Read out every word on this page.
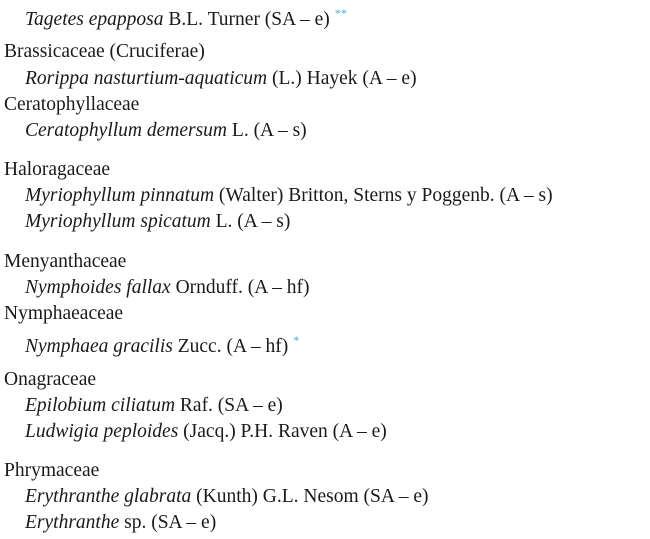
Tagetes epapposa B.L. Turner (SA – e) **
Brassicaceae (Cruciferae)
Rorippa nasturtium-aquaticum (L.) Hayek (A – e)
Ceratophyllaceae
Ceratophyllum demersum L. (A – s)
Haloragaceae
Myriophyllum pinnatum (Walter) Britton, Sterns y Poggenb. (A – s)
Myriophyllum spicatum L. (A – s)
Menyanthaceae
Nymphoides fallax Ornduff. (A – hf)
Nymphaeaceae
Nymphaea gracilis Zucc. (A – hf) *
Onagraceae
Epilobium ciliatum Raf. (SA – e)
Ludwigia peploides (Jacq.) P.H. Raven (A – e)
Phrymaceae
Erythranthe glabrata (Kunth) G.L. Nesom (SA – e)
Erythranthe sp. (SA – e)
